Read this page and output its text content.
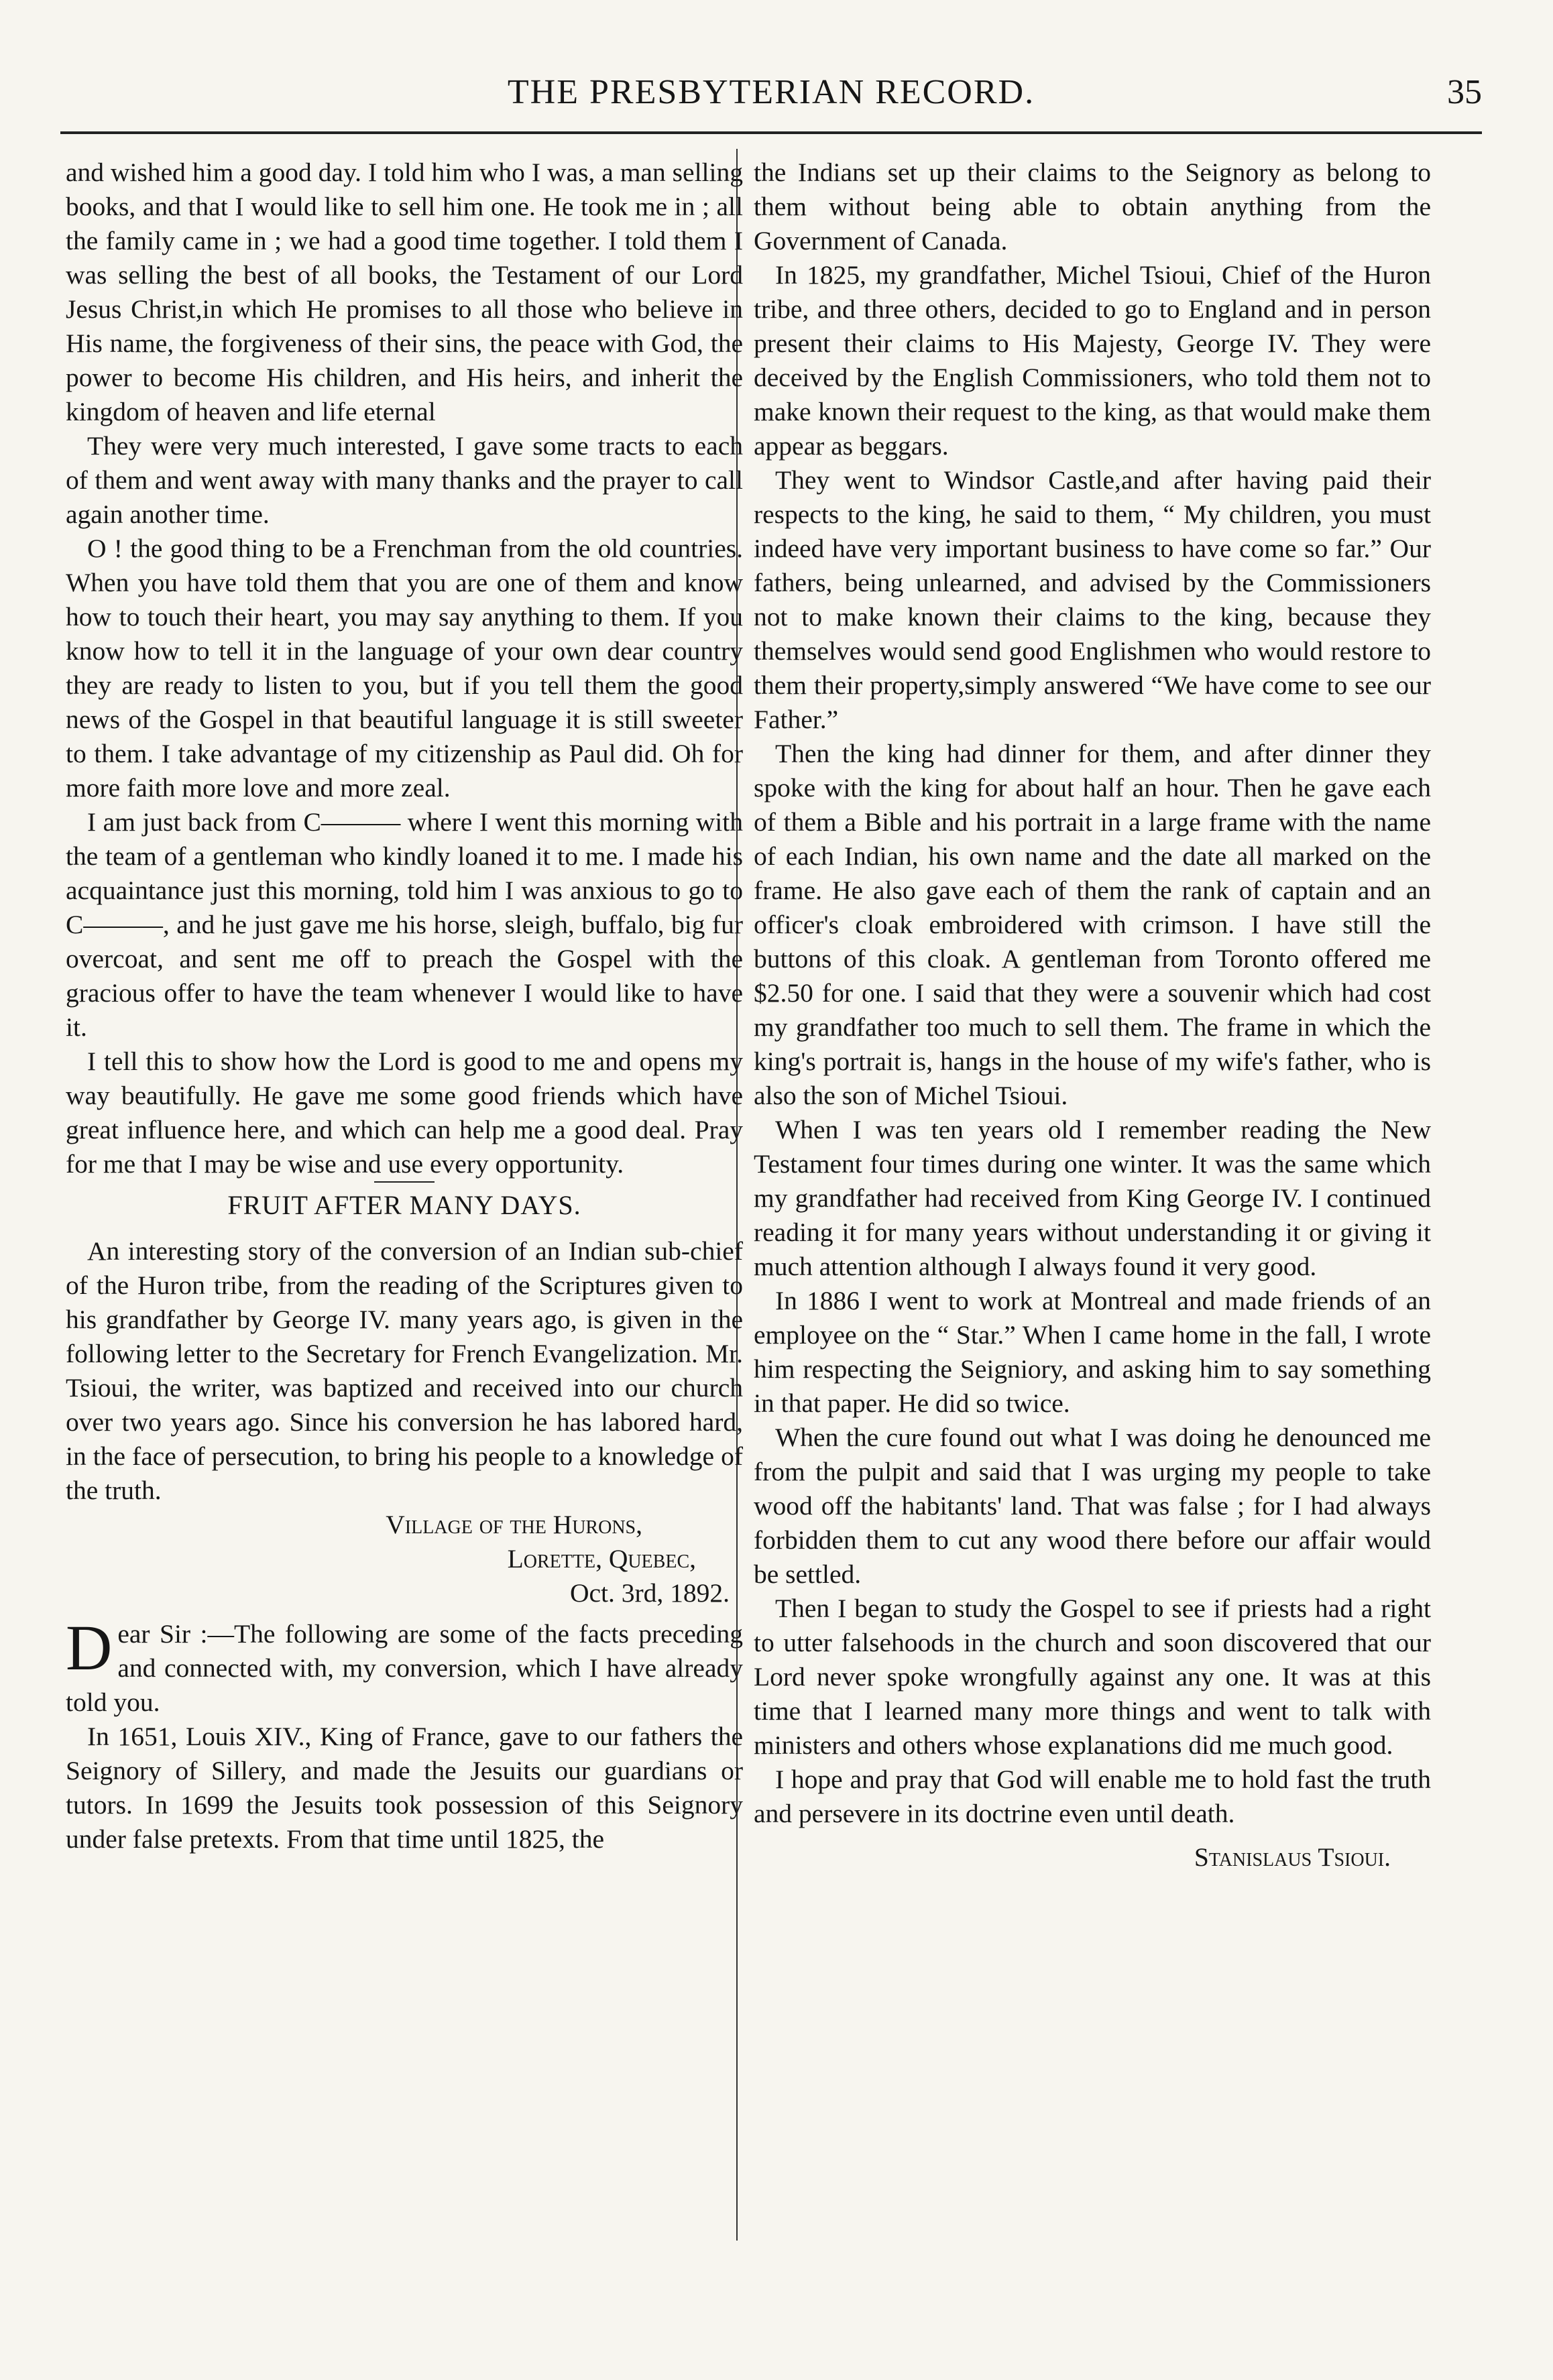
THE PRESBYTERIAN RECORD.	35

and wished him a good day. I told him who I was, a man selling books, and that I would like to sell him one. He took me in ; all the family came in ; we had a good time together. I told them I was selling the best of all books, the Testament of our Lord Jesus Christ,in which He promises to all those who believe in His name, the forgiveness of their sins, the peace with God, the power to become His children, and His heirs, and inherit the kingdom of heaven and life eternal

They were very much interested, I gave some tracts to each of them and went away with many thanks and the prayer to call again another time.

O ! the good thing to be a Frenchman from the old countries. When you have told them that you are one of them and know how to touch their heart, you may say anything to them. If you know how to tell it in the language of your own dear country they are ready to listen to you, but if you tell them the good news of the Gospel in that beautiful language it is still sweeter to them. I take advantage of my citizenship as Paul did. Oh for more faith more love and more zeal.

I am just back from C——— where I went this morning with the team of a gentleman who kindly loaned it to me. I made his acquaintance just this morning, told him I was anxious to go to C———, and he just gave me his horse, sleigh, buffalo, big fur overcoat, and sent me off to preach the Gospel with the gracious offer to have the team whenever I would like to have it.

I tell this to show how the Lord is good to me and opens my way beautifully. He gave me some good friends which have great influence here, and which can help me a good deal. Pray for me that I may be wise and use every opportunity.

FRUIT AFTER MANY DAYS.

An interesting story of the conversion of an Indian sub-chief of the Huron tribe, from the reading of the Scriptures given to his grandfather by George IV. many years ago, is given in the following letter to the Secretary for French Evangelization. Mr. Tsioui, the writer, was baptized and received into our church over two years ago. Since his conversion he has labored hard, in the face of persecution, to bring his people to a knowledge of the truth.

Village of the Hurons,

Lorette, Quebec,

Oct. 3rd, 1892.

Dear Sir :—The following are some of the facts preceding and connected with, my conversion, which I have already told you.

In 1651, Louis XIV., King of France, gave to our fathers the Seignory of Sillery, and made the Jesuits our guardians or tutors. In 1699 the Jesuits took possession of this Seignory under false pretexts. From that time until 1825, the

the Indians set up their claims to the Seignory as belong to them without being able to obtain anything from the Government of Canada.

In 1825, my grandfather, Michel Tsioui, Chief of the Huron tribe, and three others, decided to go to England and in person present their claims to His Majesty, George IV. They were deceived by the English Commissioners, who told them not to make known their request to the king, as that would make them appear as beggars.

They went to Windsor Castle,and after having paid their respects to the king, he said to them, “ My children, you must indeed have very important business to have come so far.” Our fathers, being unlearned, and advised by the Commissioners not to make known their claims to the king, because they themselves would send good Englishmen who would restore to them their property,simply answered “We have come to see our Father.”

Then the king had dinner for them, and after dinner they spoke with the king for about half an hour. Then he gave each of them a Bible and his portrait in a large frame with the name of each Indian, his own name and the date all marked on the frame. He also gave each of them the rank of captain and an officer's cloak embroidered with crimson. I have still the buttons of this cloak. A gentleman from Toronto offered me $2.50 for one. I said that they were a souvenir which had cost my grandfather too much to sell them. The frame in which the king's portrait is, hangs in the house of my wife's father, who is also the son of Michel Tsioui.

When I was ten years old I remember reading the New Testament four times during one winter. It was the same which my grandfather had received from King George IV. I continued reading it for many years without understanding it or giving it much attention although I always found it very good.

In 1886 I went to work at Montreal and made friends of an employee on the “ Star.” When I came home in the fall, I wrote him respecting the Seigniory, and asking him to say something in that paper. He did so twice.

When the cure found out what I was doing he denounced me from the pulpit and said that I was urging my people to take wood off the habitants' land. That was false ; for I had always forbidden them to cut any wood there before our affair would be settled.

Then I began to study the Gospel to see if priests had a right to utter falsehoods in the church and soon discovered that our Lord never spoke wrongfully against any one. It was at this time that I learned many more things and went to talk with ministers and others whose explanations did me much good.

I hope and pray that God will enable me to hold fast the truth and persevere in its doctrine even until death.

Stanislaus Tsioui.
